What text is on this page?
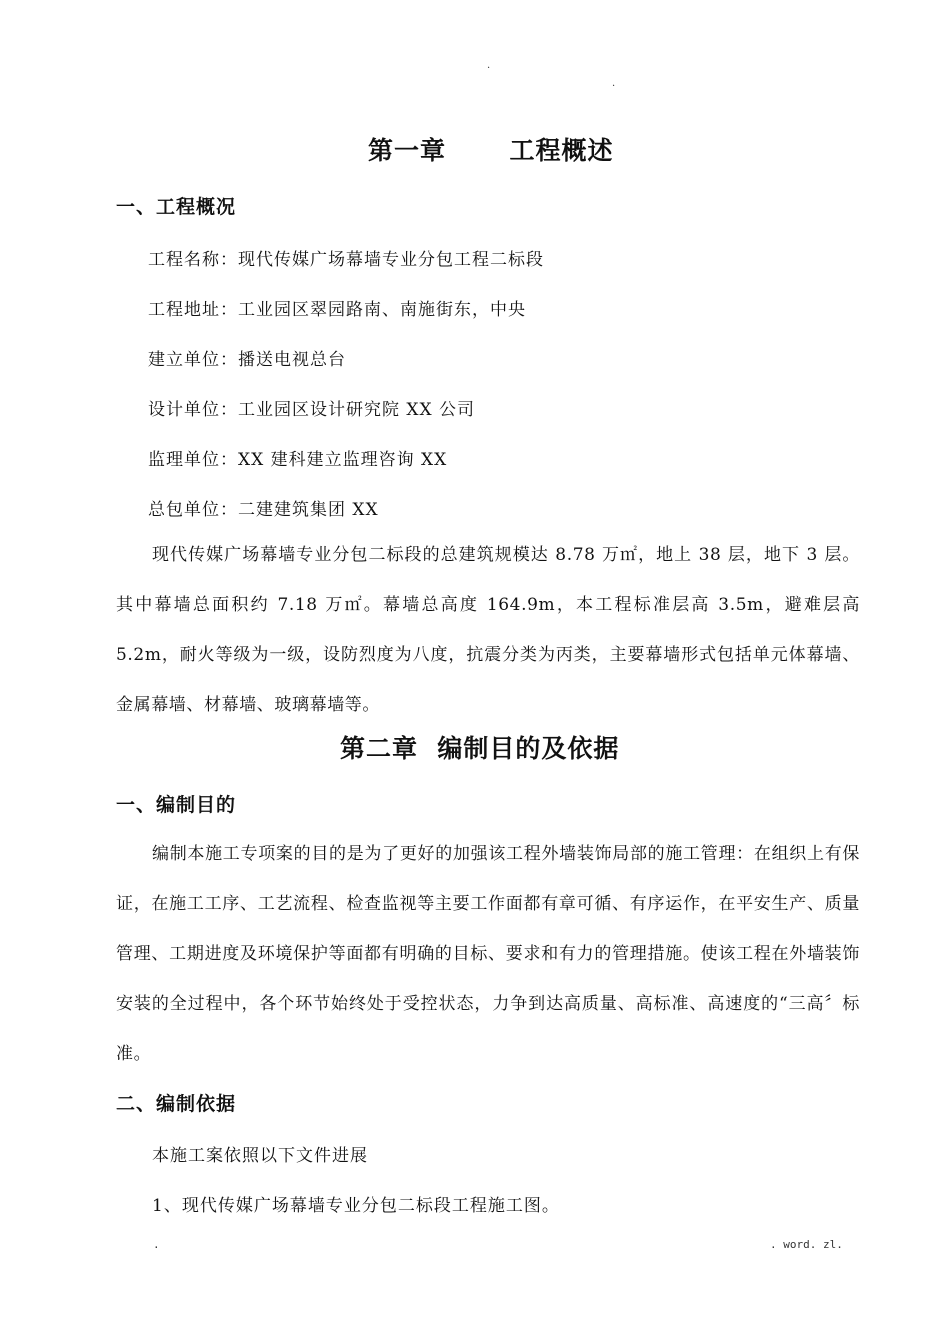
.
.
第一章	工程概述
一、工程概况
工程名称：现代传媒广场幕墙专业分包工程二标段
工程地址：工业园区翠园路南、南施街东，中央
建立单位：播送电视总台
设计单位：工业园区设计研究院 XX 公司
监理单位：XX 建科建立监理咨询 XX
总包单位：二建建筑集团 XX
现代传媒广场幕墙专业分包二标段的总建筑规模达 8.78 万㎡，地上 38 层，地下 3 层。其中幕墙总面积约 7.18 万㎡。幕墙总高度 164.9m，本工程标准层高 3.5m，避难层高 5.2m，耐火等级为一级，设防烈度为八度，抗震分类为丙类，主要幕墙形式包括单元体幕墙、金属幕墙、材幕墙、玻璃幕墙等。
第二章  编制目的及依据
一、编制目的
编制本施工专项案的目的是为了更好的加强该工程外墙装饰局部的施工管理：在组织上有保证，在施工工序、工艺流程、检查监视等主要工作面都有章可循、有序运作，在平安生产、质量管理、工期进度及环境保护等面都有明确的目标、要求和有力的管理措施。使该工程在外墙装饰安装的全过程中，各个环节始终处于受控状态，力争到达高质量、高标准、高速度的“三高〞标准。
二、编制依据
本施工案依照以下文件进展
1、现代传媒广场幕墙专业分包二标段工程施工图。
.	. word. zl.
